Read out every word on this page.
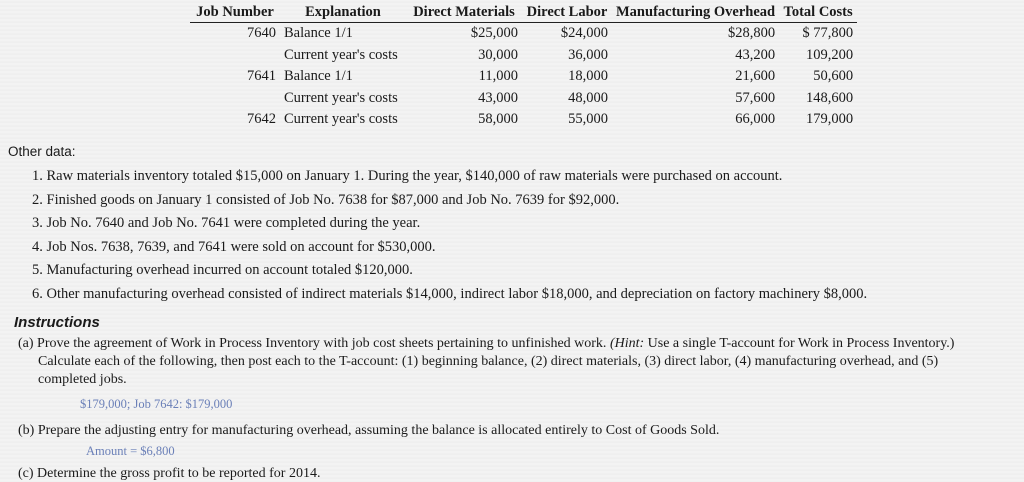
Job Number	Explanation	Direct Materials	Direct Labor	Manufacturing Overhead	Total Costs
7640	Balance 1/1	$25,000	$24,000	$28,800	$ 77,800
	Current year's costs	30,000	36,000	43,200	109,200
7641	Balance 1/1	11,000	18,000	21,600	50,600
	Current year's costs	43,000	48,000	57,600	148,600
7642	Current year's costs	58,000	55,000	66,000	179,000
Other data:
1. Raw materials inventory totaled $15,000 on January 1. During the year, $140,000 of raw materials were purchased on account.
2. Finished goods on January 1 consisted of Job No. 7638 for $87,000 and Job No. 7639 for $92,000.
3. Job No. 7640 and Job No. 7641 were completed during the year.
4. Job Nos. 7638, 7639, and 7641 were sold on account for $530,000.
5. Manufacturing overhead incurred on account totaled $120,000.
6. Other manufacturing overhead consisted of indirect materials $14,000, indirect labor $18,000, and depreciation on factory machinery $8,000.
Instructions
(a) Prove the agreement of Work in Process Inventory with job cost sheets pertaining to unfinished work. (Hint: Use a single T-account for Work in Process Inventory.)
Calculate each of the following, then post each to the T-account: (1) beginning balance, (2) direct materials, (3) direct labor, (4) manufacturing overhead, and (5)
completed jobs.
$179,000; Job 7642: $179,000
(b) Prepare the adjusting entry for manufacturing overhead, assuming the balance is allocated entirely to Cost of Goods Sold.
Amount = $6,800
(c) Determine the gross profit to be reported for 2014.
